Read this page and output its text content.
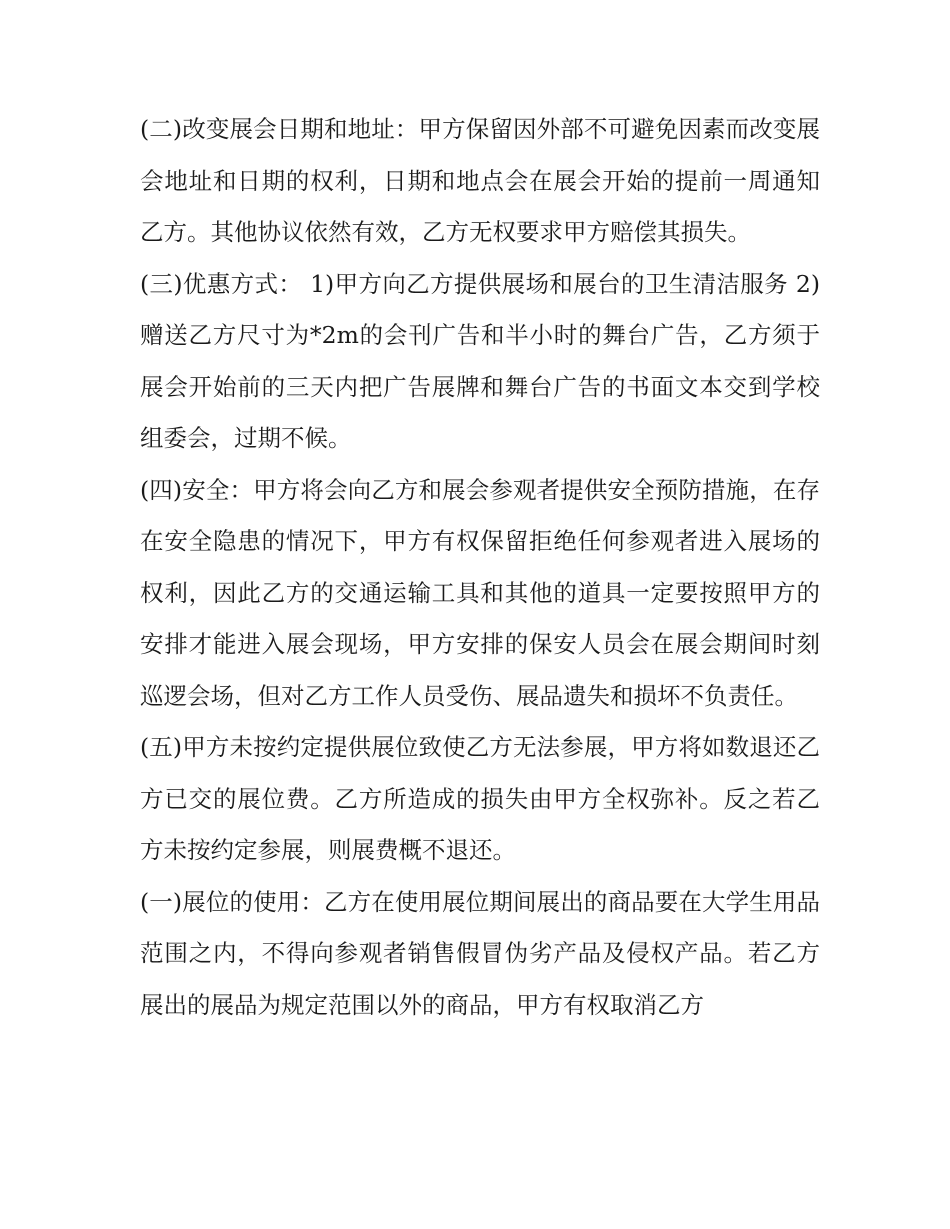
(二)改变展会日期和地址：甲方保留因外部不可避免因素而改变展会地址和日期的权利，日期和地点会在展会开始的提前一周通知乙方。其他协议依然有效，乙方无权要求甲方赔偿其损失。

(三)优惠方式： 1)甲方向乙方提供展场和展台的卫生清洁服务 2)赠送乙方尺寸为*2m的会刊广告和半小时的舞台广告，乙方须于展会开始前的三天内把广告展牌和舞台广告的书面文本交到学校组委会，过期不候。

(四)安全：甲方将会向乙方和展会参观者提供安全预防措施，在存在安全隐患的情况下，甲方有权保留拒绝任何参观者进入展场的权利，因此乙方的交通运输工具和其他的道具一定要按照甲方的安排才能进入展会现场，甲方安排的保安人员会在展会期间时刻巡逻会场，但对乙方工作人员受伤、展品遗失和损坏不负责任。

(五)甲方未按约定提供展位致使乙方无法参展，甲方将如数退还乙方已交的展位费。乙方所造成的损失由甲方全权弥补。反之若乙方未按约定参展，则展费概不退还。

(一)展位的使用：乙方在使用展位期间展出的商品要在大学生用品范围之内，不得向参观者销售假冒伪劣产品及侵权产品。若乙方展出的展品为规定范围以外的商品，甲方有权取消乙方
